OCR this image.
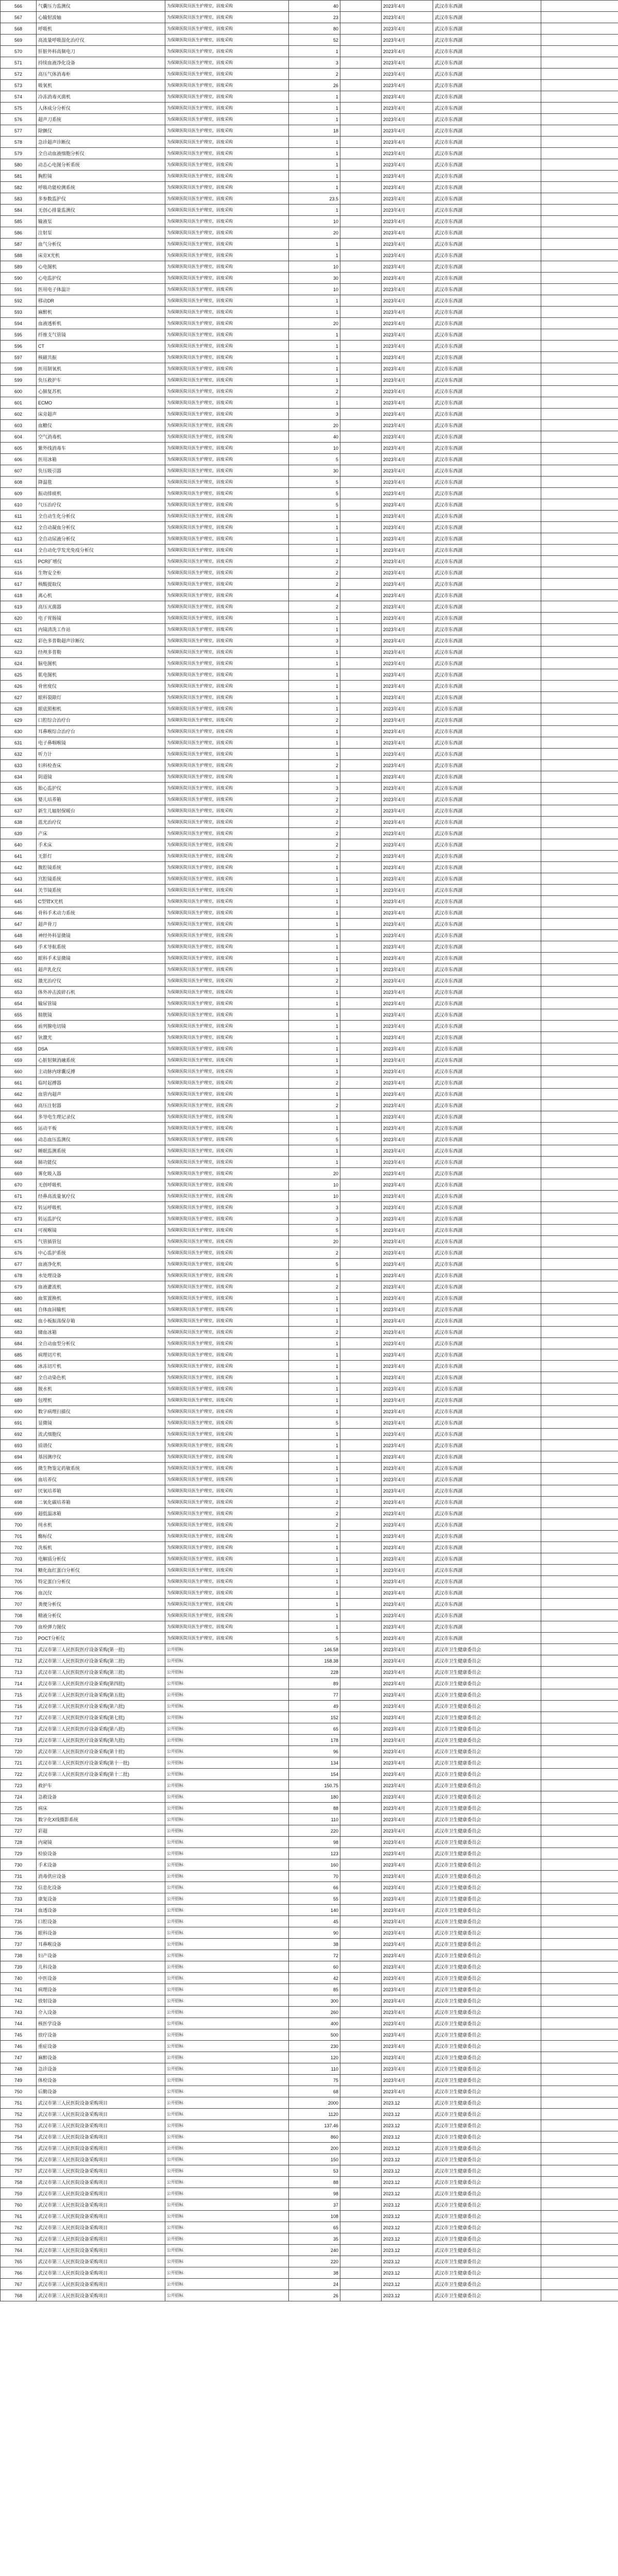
566	气囊压力监测仪	为保障医院员医生护理室，固废采购	40		2023年4月	武汉市东西湖	
567	心输射波轴	为保障医院员医生护理室，固废采购	23		2023年4月	武汉市东西湖	
568	呼吸机	为保障医院员医生护理室，固废采购	80		2023年4月	武汉市东西湖	
569	高流量呼吸湿化治疗仪	为保障医院员医生护理室，固废采购	52		2023年4月	武汉市东西湖	
570	肝脏外科高频电刀	为保障医院员医生护理室，固废采购	1		2023年4月	武汉市东西湖	
571	持续血液净化设备	为保障医院员医生护理室，固废采购	3		2023年4月	武汉市东西湖	
572	高压气体消毒柜	为保障医院员医生护理室，固废采购	2		2023年4月	武汉市东西湖	
573	吸氧机	为保障医院员医生护理室，固废采购	26		2023年4月	武汉市东西湖	
574	冷冻消毒灭菌机	为保障医院员医生护理室，固废采购	1		2023年4月	武汉市东西湖	
575	人体成分分析仪	为保障医院员医生护理室，固废采购	1		2023年4月	武汉市东西湖	
576	超声刀系统	为保障医院员医生护理室，固废采购	1		2023年4月	武汉市东西湖	
577	除颤仪	为保障医院员医生护理室，固废采购	18		2023年4月	武汉市东西湖	
578	急诊超声诊断仪	为保障医院员医生护理室，固废采购	1		2023年4月	武汉市东西湖	
579	全自动血液细胞分析仪	为保障医院员医生护理室，固废采购	1		2023年4月	武汉市东西湖	
580	动态心电图分析系统	为保障医院员医生护理室，固废采购	1		2023年4月	武汉市东西湖	
581	胸腔镜	为保障医院员医生护理室，固废采购	1		2023年4月	武汉市东西湖	
582	呼吸功能检测系统	为保障医院员医生护理室，固废采购	1		2023年4月	武汉市东西湖	
583	多参数监护仪	为保障医院员医生护理室，固废采购	23.5		2023年4月	武汉市东西湖	
584	无创心排量监测仪	为保障医院员医生护理室，固废采购	1		2023年4月	武汉市东西湖	
585	输液泵	为保障医院员医生护理室，固废采购	10		2023年4月	武汉市东西湖	
586	注射泵	为保障医院员医生护理室，固废采购	20		2023年4月	武汉市东西湖	
587	血气分析仪	为保障医院员医生护理室，固废采购	1		2023年4月	武汉市东西湖	
588	床旁X光机	为保障医院员医生护理室，固废采购	1		2023年4月	武汉市东西湖	
589	心电图机	为保障医院员医生护理室，固废采购	10		2023年4月	武汉市东西湖	
590	心电监护仪	为保障医院员医生护理室，固废采购	30		2023年4月	武汉市东西湖	
591	医用电子体温计	为保障医院员医生护理室，固废采购	10		2023年4月	武汉市东西湖	
592	移动DR	为保障医院员医生护理室，固废采购	1		2023年4月	武汉市东西湖	
593	麻醉机	为保障医院员医生护理室，固废采购	1		2023年4月	武汉市东西湖	
594	血液透析机	为保障医院员医生护理室，固废采购	20		2023年4月	武汉市东西湖	
595	纤维支气管镜	为保障医院员医生护理室，固废采购	1		2023年4月	武汉市东西湖	
596	CT	为保障医院员医生护理室，固废采购	1		2023年4月	武汉市东西湖	
597	核磁共振	为保障医院员医生护理室，固废采购	1		2023年4月	武汉市东西湖	
598	医用制氧机	为保障医院员医生护理室，固废采购	1		2023年4月	武汉市东西湖	
599	负压救护车	为保障医院员医生护理室，固废采购	1		2023年4月	武汉市东西湖	
600	心肺复苏机	为保障医院员医生护理室，固废采购	2		2023年4月	武汉市东西湖	
601	ECMO	为保障医院员医生护理室，固废采购	1		2023年4月	武汉市东西湖	
602	床旁超声	为保障医院员医生护理室，固废采购	3		2023年4月	武汉市东西湖	
603	血糖仪	为保障医院员医生护理室，固废采购	20		2023年4月	武汉市东西湖	
604	空气消毒机	为保障医院员医生护理室，固废采购	40		2023年4月	武汉市东西湖	
605	紫外线消毒车	为保障医院员医生护理室，固废采购	10		2023年4月	武汉市东西湖	
606	医用冰箱	为保障医院员医生护理室，固废采购	5		2023年4月	武汉市东西湖	
607	负压吸引器	为保障医院员医生护理室，固废采购	30		2023年4月	武汉市东西湖	
608	降温毯	为保障医院员医生护理室，固废采购	5		2023年4月	武汉市东西湖	
609	振动排痰机	为保障医院员医生护理室，固废采购	5		2023年4月	武汉市东西湖	
610	气压治疗仪	为保障医院员医生护理室，固废采购	5		2023年4月	武汉市东西湖	
611	全自动生化分析仪	为保障医院员医生护理室，固废采购	1		2023年4月	武汉市东西湖	
612	全自动凝血分析仪	为保障医院员医生护理室，固废采购	1		2023年4月	武汉市东西湖	
613	全自动尿液分析仪	为保障医院员医生护理室，固废采购	1		2023年4月	武汉市东西湖	
614	全自动化学发光免疫分析仪	为保障医院员医生护理室，固废采购	1		2023年4月	武汉市东西湖	
615	PCR扩增仪	为保障医院员医生护理室，固废采购	2		2023年4月	武汉市东西湖	
616	生物安全柜	为保障医院员医生护理室，固废采购	2		2023年4月	武汉市东西湖	
617	核酸提取仪	为保障医院员医生护理室，固废采购	2		2023年4月	武汉市东西湖	
618	离心机	为保障医院员医生护理室，固废采购	4		2023年4月	武汉市东西湖	
619	高压灭菌器	为保障医院员医生护理室，固废采购	2		2023年4月	武汉市东西湖	
620	电子胃肠镜	为保障医院员医生护理室，固废采购	1		2023年4月	武汉市东西湖	
621	内镜清洗工作站	为保障医院员医生护理室，固废采购	1		2023年4月	武汉市东西湖	
622	彩色多普勒超声诊断仪	为保障医院员医生护理室，固废采购	3		2023年4月	武汉市东西湖	
623	经颅多普勒	为保障医院员医生护理室，固废采购	1		2023年4月	武汉市东西湖	
624	脑电图机	为保障医院员医生护理室，固废采购	1		2023年4月	武汉市东西湖	
625	肌电图机	为保障医院员医生护理室，固废采购	1		2023年4月	武汉市东西湖	
626	骨密度仪	为保障医院员医生护理室，固废采购	1		2023年4月	武汉市东西湖	
627	眼科裂隙灯	为保障医院员医生护理室，固废采购	1		2023年4月	武汉市东西湖	
628	眼底照相机	为保障医院员医生护理室，固废采购	1		2023年4月	武汉市东西湖	
629	口腔综合治疗台	为保障医院员医生护理室，固废采购	2		2023年4月	武汉市东西湖	
630	耳鼻喉综合治疗台	为保障医院员医生护理室，固废采购	1		2023年4月	武汉市东西湖	
631	电子鼻咽喉镜	为保障医院员医生护理室，固废采购	1		2023年4月	武汉市东西湖	
632	听力计	为保障医院员医生护理室，固废采购	1		2023年4月	武汉市东西湖	
633	妇科检查床	为保障医院员医生护理室，固废采购	2		2023年4月	武汉市东西湖	
634	阴道镜	为保障医院员医生护理室，固废采购	1		2023年4月	武汉市东西湖	
635	胎心监护仪	为保障医院员医生护理室，固废采购	3		2023年4月	武汉市东西湖	
636	婴儿培养箱	为保障医院员医生护理室，固废采购	2		2023年4月	武汉市东西湖	
637	新生儿辐射保暖台	为保障医院员医生护理室，固废采购	2		2023年4月	武汉市东西湖	
638	蓝光治疗仪	为保障医院员医生护理室，固废采购	2		2023年4月	武汉市东西湖	
639	产床	为保障医院员医生护理室，固废采购	2		2023年4月	武汉市东西湖	
640	手术床	为保障医院员医生护理室，固废采购	2		2023年4月	武汉市东西湖	
641	无影灯	为保障医院员医生护理室，固废采购	2		2023年4月	武汉市东西湖	
642	腹腔镜系统	为保障医院员医生护理室，固废采购	1		2023年4月	武汉市东西湖	
643	宫腔镜系统	为保障医院员医生护理室，固废采购	1		2023年4月	武汉市东西湖	
644	关节镜系统	为保障医院员医生护理室，固废采购	1		2023年4月	武汉市东西湖	
645	C型臂X光机	为保障医院员医生护理室，固废采购	1		2023年4月	武汉市东西湖	
646	骨科手术动力系统	为保障医院员医生护理室，固废采购	1		2023年4月	武汉市东西湖	
647	超声骨刀	为保障医院员医生护理室，固废采购	1		2023年4月	武汉市东西湖	
648	神经外科显微镜	为保障医院员医生护理室，固废采购	1		2023年4月	武汉市东西湖	
649	手术导航系统	为保障医院员医生护理室，固废采购	1		2023年4月	武汉市东西湖	
650	眼科手术显微镜	为保障医院员医生护理室，固废采购	1		2023年4月	武汉市东西湖	
651	超声乳化仪	为保障医院员医生护理室，固废采购	1		2023年4月	武汉市东西湖	
652	激光治疗仪	为保障医院员医生护理室，固废采购	2		2023年4月	武汉市东西湖	
653	体外冲击波碎石机	为保障医院员医生护理室，固废采购	1		2023年4月	武汉市东西湖	
654	输尿管镜	为保障医院员医生护理室，固废采购	1		2023年4月	武汉市东西湖	
655	膀胱镜	为保障医院员医生护理室，固废采购	1		2023年4月	武汉市东西湖	
656	前列腺电切镜	为保障医院员医生护理室，固废采购	1		2023年4月	武汉市东西湖	
657	钬激光	为保障医院员医生护理室，固废采购	1		2023年4月	武汉市东西湖	
658	DSA	为保障医院员医生护理室，固废采购	1		2023年4月	武汉市东西湖	
659	心脏射频消融系统	为保障医院员医生护理室，固废采购	1		2023年4月	武汉市东西湖	
660	主动脉内球囊反搏	为保障医院员医生护理室，固废采购	1		2023年4月	武汉市东西湖	
661	临时起搏器	为保障医院员医生护理室，固废采购	2		2023年4月	武汉市东西湖	
662	血管内超声	为保障医院员医生护理室，固废采购	1		2023年4月	武汉市东西湖	
663	高压注射器	为保障医院员医生护理室，固废采购	2		2023年4月	武汉市东西湖	
664	多导电生理记录仪	为保障医院员医生护理室，固废采购	1		2023年4月	武汉市东西湖	
665	运动平板	为保障医院员医生护理室，固废采购	1		2023年4月	武汉市东西湖	
666	动态血压监测仪	为保障医院员医生护理室，固废采购	5		2023年4月	武汉市东西湖	
667	睡眠监测系统	为保障医院员医生护理室，固废采购	1		2023年4月	武汉市东西湖	
668	肺功能仪	为保障医院员医生护理室，固废采购	1		2023年4月	武汉市东西湖	
669	雾化吸入器	为保障医院员医生护理室，固废采购	20		2023年4月	武汉市东西湖	
670	无创呼吸机	为保障医院员医生护理室，固废采购	10		2023年4月	武汉市东西湖	
671	经鼻高流量氧疗仪	为保障医院员医生护理室，固废采购	10		2023年4月	武汉市东西湖	
672	转运呼吸机	为保障医院员医生护理室，固废采购	3		2023年4月	武汉市东西湖	
673	转运监护仪	为保障医院员医生护理室，固废采购	3		2023年4月	武汉市东西湖	
674	可视喉镜	为保障医院员医生护理室，固废采购	5		2023年4月	武汉市东西湖	
675	气管插管包	为保障医院员医生护理室，固废采购	20		2023年4月	武汉市东西湖	
676	中心监护系统	为保障医院员医生护理室，固废采购	2		2023年4月	武汉市东西湖	
677	血液净化机	为保障医院员医生护理室，固废采购	5		2023年4月	武汉市东西湖	
678	水处理设备	为保障医院员医生护理室，固废采购	1		2023年4月	武汉市东西湖	
679	血液灌流机	为保障医院员医生护理室，固废采购	2		2023年4月	武汉市东西湖	
680	血浆置换机	为保障医院员医生护理室，固废采购	1		2023年4月	武汉市东西湖	
681	自体血回输机	为保障医院员医生护理室，固废采购	1		2023年4月	武汉市东西湖	
682	血小板振荡保存箱	为保障医院员医生护理室，固废采购	1		2023年4月	武汉市东西湖	
683	储血冰箱	为保障医院员医生护理室，固废采购	2		2023年4月	武汉市东西湖	
684	全自动血型分析仪	为保障医院员医生护理室，固废采购	1		2023年4月	武汉市东西湖	
685	病理切片机	为保障医院员医生护理室，固废采购	1		2023年4月	武汉市东西湖	
686	冰冻切片机	为保障医院员医生护理室，固废采购	1		2023年4月	武汉市东西湖	
687	全自动染色机	为保障医院员医生护理室，固废采购	1		2023年4月	武汉市东西湖	
688	脱水机	为保障医院员医生护理室，固废采购	1		2023年4月	武汉市东西湖	
689	包埋机	为保障医院员医生护理室，固废采购	1		2023年4月	武汉市东西湖	
690	数字病理扫描仪	为保障医院员医生护理室，固废采购	1		2023年4月	武汉市东西湖	
691	显微镜	为保障医院员医生护理室，固废采购	5		2023年4月	武汉市东西湖	
692	流式细胞仪	为保障医院员医生护理室，固废采购	1		2023年4月	武汉市东西湖	
693	质谱仪	为保障医院员医生护理室，固废采购	1		2023年4月	武汉市东西湖	
694	基因测序仪	为保障医院员医生护理室，固废采购	1		2023年4月	武汉市东西湖	
695	微生物鉴定药敏系统	为保障医院员医生护理室，固废采购	1		2023年4月	武汉市东西湖	
696	血培养仪	为保障医院员医生护理室，固废采购	1		2023年4月	武汉市东西湖	
697	厌氧培养箱	为保障医院员医生护理室，固废采购	1		2023年4月	武汉市东西湖	
698	二氧化碳培养箱	为保障医院员医生护理室，固废采购	2		2023年4月	武汉市东西湖	
699	超低温冰箱	为保障医院员医生护理室，固废采购	2		2023年4月	武汉市东西湖	
700	纯水机	为保障医院员医生护理室，固废采购	2		2023年4月	武汉市东西湖	
701	酶标仪	为保障医院员医生护理室，固废采购	1		2023年4月	武汉市东西湖	
702	洗板机	为保障医院员医生护理室，固废采购	1		2023年4月	武汉市东西湖	
703	电解质分析仪	为保障医院员医生护理室，固废采购	1		2023年4月	武汉市东西湖	
704	糖化血红蛋白分析仪	为保障医院员医生护理室，固废采购	1		2023年4月	武汉市东西湖	
705	特定蛋白分析仪	为保障医院员医生护理室，固废采购	1		2023年4月	武汉市东西湖	
706	血沉仪	为保障医院员医生护理室，固废采购	1		2023年4月	武汉市东西湖	
707	粪便分析仪	为保障医院员医生护理室，固废采购	1		2023年4月	武汉市东西湖	
708	精液分析仪	为保障医院员医生护理室，固废采购	1		2023年4月	武汉市东西湖	
709	血栓弹力图仪	为保障医院员医生护理室，固废采购	1		2023年4月	武汉市东西湖	
710	POCT分析仪	为保障医院员医生护理室，固废采购	5		2023年4月	武汉市东西湖	
711	武汉市第三人民医院医疗设备采购(第一批)	公开招标	146.58		2023年4月	武汉市卫生健康委员会	
712	武汉市第三人民医院医疗设备采购(第二批)	公开招标	158.38		2023年4月	武汉市卫生健康委员会	
713	武汉市第三人民医院医疗设备采购(第三批)	公开招标	228		2023年4月	武汉市卫生健康委员会	
714	武汉市第三人民医院医疗设备采购(第四批)	公开招标	89		2023年4月	武汉市卫生健康委员会	
715	武汉市第三人民医院医疗设备采购(第五批)	公开招标	77		2023年4月	武汉市卫生健康委员会	
716	武汉市第三人民医院医疗设备采购(第六批)	公开招标	49		2023年4月	武汉市卫生健康委员会	
717	武汉市第三人民医院医疗设备采购(第七批)	公开招标	152		2023年4月	武汉市卫生健康委员会	
718	武汉市第三人民医院医疗设备采购(第八批)	公开招标	65		2023年4月	武汉市卫生健康委员会	
719	武汉市第三人民医院医疗设备采购(第九批)	公开招标	178		2023年4月	武汉市卫生健康委员会	
720	武汉市第三人民医院医疗设备采购(第十批)	公开招标	96		2023年4月	武汉市卫生健康委员会	
721	武汉市第三人民医院医疗设备采购(第十一批)	公开招标	134		2023年4月	武汉市卫生健康委员会	
722	武汉市第三人民医院医疗设备采购(第十二批)	公开招标	154		2023年4月	武汉市卫生健康委员会	
723	救护车	公开招标	150.75		2023年4月	武汉市卫生健康委员会	
724	急救设备	公开招标	180		2023年4月	武汉市卫生健康委员会	
725	病床	公开招标	88		2023年4月	武汉市卫生健康委员会	
726	数字化X线摄影系统	公开招标	110		2023年4月	武汉市卫生健康委员会	
727	彩超	公开招标	220		2023年4月	武汉市卫生健康委员会	
728	内窥镜	公开招标	98		2023年4月	武汉市卫生健康委员会	
729	检验设备	公开招标	123		2023年4月	武汉市卫生健康委员会	
730	手术设备	公开招标	160		2023年4月	武汉市卫生健康委员会	
731	消毒供应设备	公开招标	70		2023年4月	武汉市卫生健康委员会	
732	信息化设备	公开招标	66		2023年4月	武汉市卫生健康委员会	
733	康复设备	公开招标	55		2023年4月	武汉市卫生健康委员会	
734	血透设备	公开招标	140		2023年4月	武汉市卫生健康委员会	
735	口腔设备	公开招标	45		2023年4月	武汉市卫生健康委员会	
736	眼科设备	公开招标	90		2023年4月	武汉市卫生健康委员会	
737	耳鼻喉设备	公开招标	38		2023年4月	武汉市卫生健康委员会	
738	妇产设备	公开招标	72		2023年4月	武汉市卫生健康委员会	
739	儿科设备	公开招标	60		2023年4月	武汉市卫生健康委员会	
740	中医设备	公开招标	42		2023年4月	武汉市卫生健康委员会	
741	病理设备	公开招标	85		2023年4月	武汉市卫生健康委员会	
742	放射设备	公开招标	300		2023年4月	武汉市卫生健康委员会	
743	介入设备	公开招标	260		2023年4月	武汉市卫生健康委员会	
744	核医学设备	公开招标	400		2023年4月	武汉市卫生健康委员会	
745	放疗设备	公开招标	500		2023年4月	武汉市卫生健康委员会	
746	重症设备	公开招标	230		2023年4月	武汉市卫生健康委员会	
747	麻醉设备	公开招标	120		2023年4月	武汉市卫生健康委员会	
748	急诊设备	公开招标	110		2023年4月	武汉市卫生健康委员会	
749	体检设备	公开招标	75		2023年4月	武汉市卫生健康委员会	
750	后勤设备	公开招标	68		2023年4月	武汉市卫生健康委员会	
751	武汉市第三人民医院设备采购项目	公开招标	2000		2023.12	武汉市卫生健康委员会	
752	武汉市第三人民医院设备采购项目	公开招标	1120		2023.12	武汉市卫生健康委员会	
753	武汉市第三人民医院设备采购项目	公开招标	137.46		2023.12	武汉市卫生健康委员会	
754	武汉市第三人民医院设备采购项目	公开招标	860		2023.12	武汉市卫生健康委员会	
755	武汉市第三人民医院设备采购项目	公开招标	200		2023.12	武汉市卫生健康委员会	
756	武汉市第三人民医院设备采购项目	公开招标	150		2023.12	武汉市卫生健康委员会	
757	武汉市第三人民医院设备采购项目	公开招标	53		2023.12	武汉市卫生健康委员会	
758	武汉市第三人民医院设备采购项目	公开招标	88		2023.12	武汉市卫生健康委员会	
759	武汉市第三人民医院设备采购项目	公开招标	98		2023.12	武汉市卫生健康委员会	
760	武汉市第三人民医院设备采购项目	公开招标	37		2023.12	武汉市卫生健康委员会	
761	武汉市第三人民医院设备采购项目	公开招标	108		2023.12	武汉市卫生健康委员会	
762	武汉市第三人民医院设备采购项目	公开招标	65		2023.12	武汉市卫生健康委员会	
763	武汉市第三人民医院设备采购项目	公开招标	35		2023.12	武汉市卫生健康委员会	
764	武汉市第三人民医院设备采购项目	公开招标	240		2023.12	武汉市卫生健康委员会	
765	武汉市第三人民医院设备采购项目	公开招标	220		2023.12	武汉市卫生健康委员会	
766	武汉市第三人民医院设备采购项目	公开招标	38		2023.12	武汉市卫生健康委员会	
767	武汉市第三人民医院设备采购项目	公开招标	24		2023.12	武汉市卫生健康委员会	
768	武汉市第三人民医院设备采购项目	公开招标	26		2023.12	武汉市卫生健康委员会	
